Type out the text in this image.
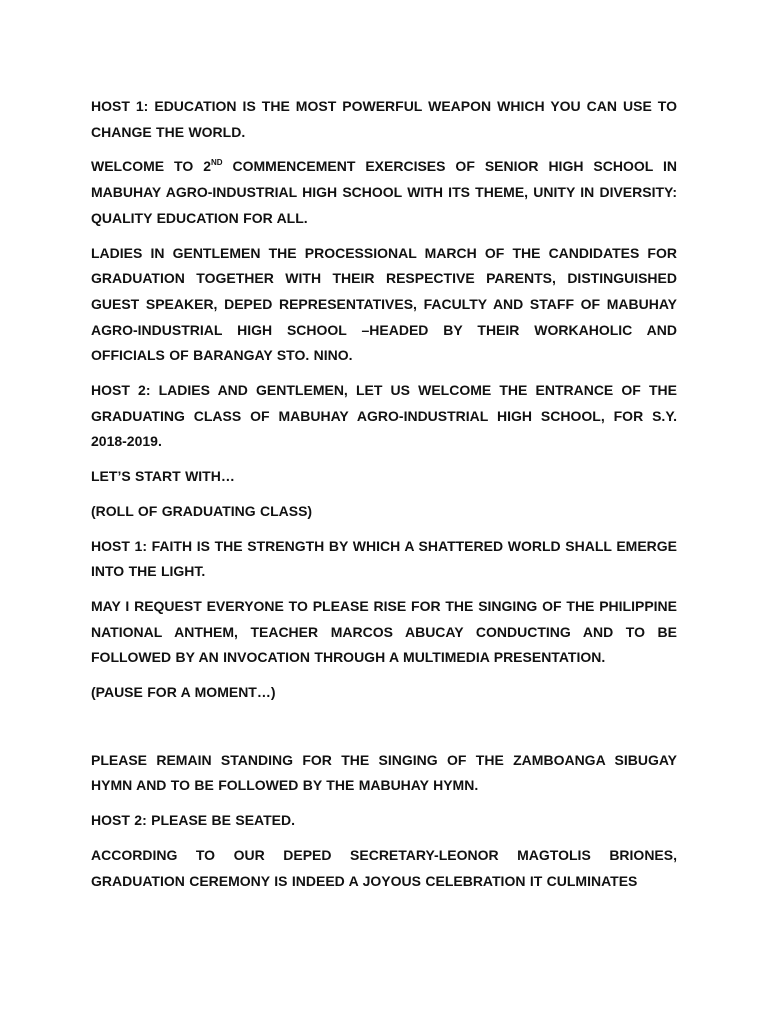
HOST 1: EDUCATION IS THE MOST POWERFUL WEAPON WHICH YOU CAN USE TO CHANGE THE WORLD.

WELCOME TO 2ND COMMENCEMENT EXERCISES OF SENIOR HIGH SCHOOL IN MABUHAY AGRO-INDUSTRIAL HIGH SCHOOL WITH ITS THEME, UNITY IN DIVERSITY: QUALITY EDUCATION FOR ALL.

LADIES IN GENTLEMEN THE PROCESSIONAL MARCH OF THE CANDIDATES FOR GRADUATION TOGETHER WITH THEIR RESPECTIVE PARENTS, DISTINGUISHED GUEST SPEAKER, DEPED REPRESENTATIVES, FACULTY AND STAFF OF MABUHAY AGRO-INDUSTRIAL HIGH SCHOOL –HEADED BY THEIR WORKAHOLIC AND OFFICIALS OF BARANGAY STO. NINO.

HOST 2: LADIES AND GENTLEMEN, LET US WELCOME THE ENTRANCE OF THE GRADUATING CLASS OF MABUHAY AGRO-INDUSTRIAL HIGH SCHOOL, FOR S.Y. 2018-2019.

LET’S START WITH…

(ROLL OF GRADUATING CLASS)

HOST 1: FAITH IS THE STRENGTH BY WHICH A SHATTERED WORLD SHALL EMERGE INTO THE LIGHT.

MAY I REQUEST EVERYONE TO PLEASE RISE FOR THE SINGING OF THE PHILIPPINE NATIONAL ANTHEM, TEACHER MARCOS ABUCAY CONDUCTING AND TO BE FOLLOWED BY AN INVOCATION THROUGH A MULTIMEDIA PRESENTATION.

(PAUSE FOR A MOMENT…)

PLEASE REMAIN STANDING FOR THE SINGING OF THE ZAMBOANGA SIBUGAY HYMN AND TO BE FOLLOWED BY THE MABUHAY HYMN.

HOST 2: PLEASE BE SEATED.

ACCORDING TO OUR DEPED SECRETARY-LEONOR MAGTOLIS BRIONES, GRADUATION CEREMONY IS INDEED A JOYOUS CELEBRATION IT CULMINATES
